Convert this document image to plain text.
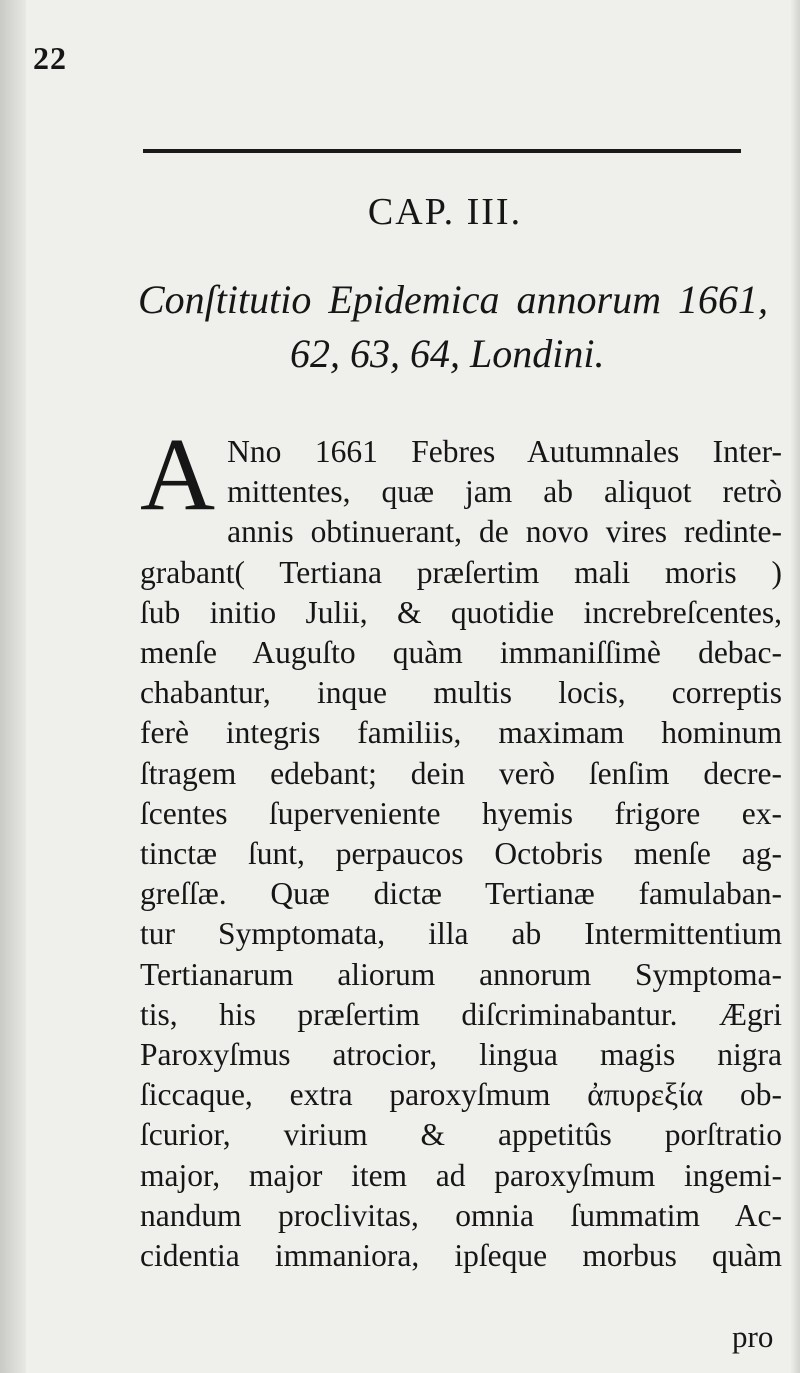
22
CAP. III.
Conſtitutio Epidemica annorum 1661,
62, 63, 64, Londini.
A Nno 1661 Febres Autumnales Inter-
mittentes, quæ jam ab aliquot retrò
annis obtinuerant, de novo vires redinte-
grabant( Tertiana præſertim mali moris )
ſub initio Julii, & quotidie increbreſcentes,
menſe Auguſto quàm immaniſſimè debac-
chabantur, inque multis locis, correptis
ferè integris familiis, maximam hominum
ſtragem edebant; dein verò ſenſim decre-
ſcentes ſuperveniente hyemis frigore ex-
tinctæ ſunt, perpaucos Octobris menſe ag-
greſſæ. Quæ dictæ Tertianæ famulaban-
tur Symptomata, illa ab Intermittentium
Tertianarum aliorum annorum Symptoma-
tis, his præſertim diſcriminabantur. Ægri
Paroxyſmus atrocior, lingua magis nigra
ſiccaque, extra paroxyſmum ἀπυρεξία ob-
ſcurior, virium & appetitûs porſtratio
major, major item ad paroxyſmum ingemi-
nandum proclivitas, omnia ſummatim Ac-
cidentia immaniora, ipſeque morbus quàm
pro
